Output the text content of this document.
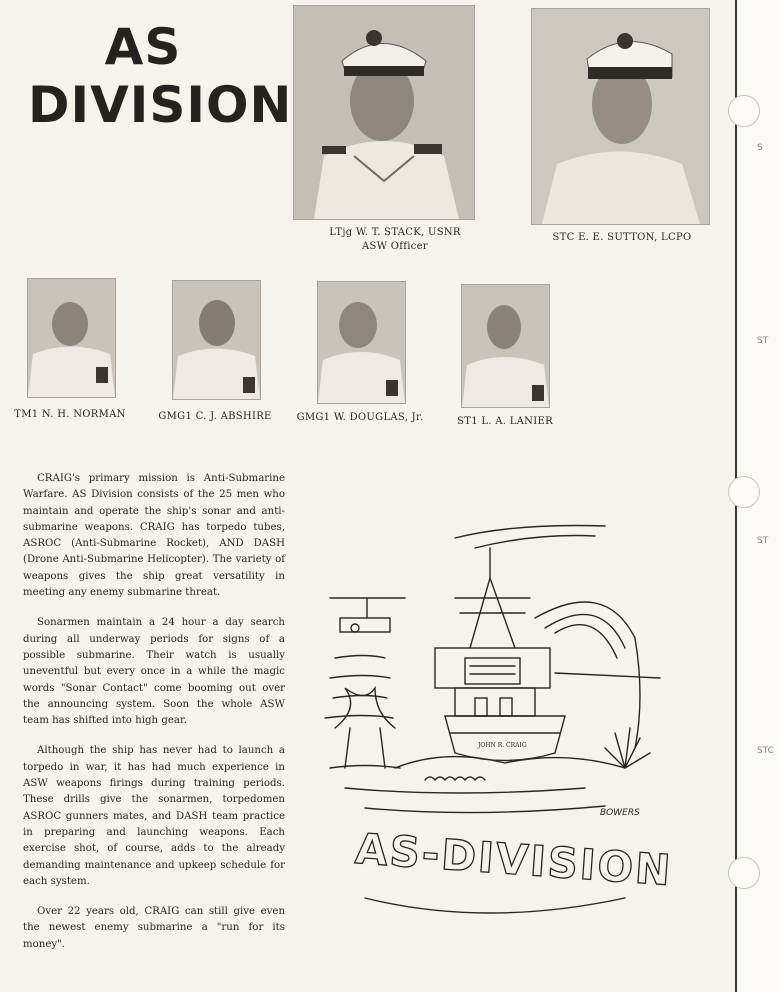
S
ST
ST
STC
AS
DIVISION
LTjg W. T. STACK, USNR
ASW Officer
STC E. E. SUTTON, LCPO
TM1 N. H. NORMAN	GMG1 C. J. ABSHIRE	GMG1 W. DOUGLAS, Jr.	ST1 L. A. LANIER

CRAIG's primary mission is Anti-Submarine Warfare. AS Division consists of the 25 men who maintain and operate the ship's sonar and anti-submarine weapons. CRAIG has torpedo tubes, ASROC (Anti-Submarine Rocket), AND DASH (Drone Anti-Submarine Helicopter). The variety of weapons gives the ship great versatility in meeting any enemy submarine threat.

Sonarmen maintain a 24 hour a day search during all underway periods for signs of a possible submarine. Their watch is usually uneventful but every once in a while the magic words "Sonar Contact" come booming out over the announcing system. Soon the whole ASW team has shifted into high gear.

Although the ship has never had to launch a torpedo in war, it has had much experience in ASW weapons firings during training periods. These drills give the sonarmen, torpedomen ASROC gunners mates, and DASH team practice in preparing and launching weapons. Each exercise shot, of course, adds to the already demanding maintenance and upkeep schedule for each system.

Over 22 years old, CRAIG can still give even the newest enemy submarine a "run for its money".

JOHN R. CRAIG
BOWERS
AS-DIVISION
